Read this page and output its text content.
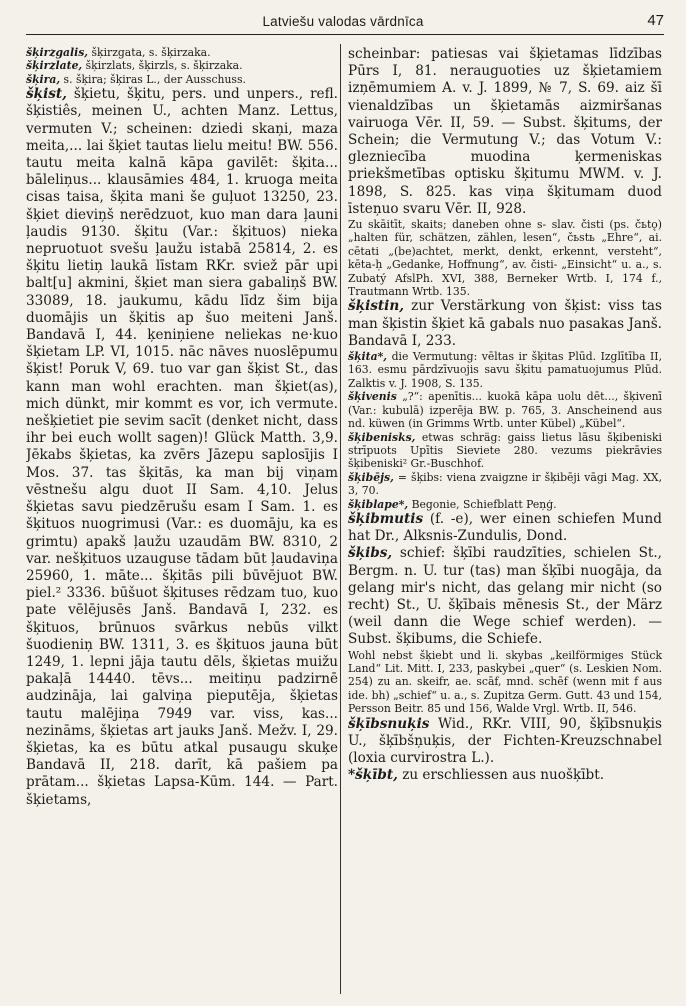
Latviešu valodas vārdnīca	47

šķirzgalis, šķirzgata, s. šķirzaka.

šķirzlate, šķirzlats, šķirzls, s. šķirzaka.

šķira, s. šķira; šķiras L., der Ausschuss.

šķist, šķietu, šķitu, pers. und unpers., refl. šķistiês, meinen U., achten Manz. Lettus, vermuten V.; scheinen: dziedi skaņi, maza meita,... lai šķiet tautas lielu meitu! BW. 556. tautu meita kalnā kāpa gavilēt: šķita... bāleliņus... klausāmies 484, 1. kruoga meita cisas taisa, šķita mani še guļuot 13250, 23. šķiet dieviņš nerēdzuot, kuo man dara ļauni ļaudis 9130. šķitu (Var.: šķituos) nieka nepruotuot svešu ļaužu istabā 25814, 2. es šķitu lietiņ laukā līstam RKr. sviež pār upi balt[u] akmini, šķiet man siera gabaliņš BW. 33089, 18. jaukumu, kādu līdz šim bija duomājis un šķitis ap šuo meiteni Janš. Bandavā I, 44. ķeniņiene neliekas ne·kuo šķietam LP. VI, 1015. nāc nāves nuoslēpumu šķist! Poruk V, 69. tuo var gan šķist St., das kann man wohl erachten. man šķiet(as), mich dünkt, mir kommt es vor, ich vermute. nešķietiet pie sevim sacīt (denket nicht, dass ihr bei euch wollt sagen)! Glück Matth. 3,9. Jēkabs šķietas, ka zvērs Jāzepu saplosījis I Mos. 37. tas šķitās, ka man bij viņam vēstnešu algu duot II Sam. 4,10. Jelus šķietas savu piedzērušu esam I Sam. 1. es šķituos nuogrimusi (Var.: es duomāju, ka es grimtu) apakš ļaužu uzaudām BW. 8310, 2 var. nešķituos uzauguse tādam būt ļaudaviņa 25960, 1. māte... šķitās pili būvējuot BW. piel.² 3336. būšuot šķituses rēdzam tuo, kuo pate vēlējusēs Janš. Bandavā I, 232. es šķituos, brūnuos svārkus nebūs vilkt šuodieniņ BW. 1311, 3. es šķituos jauna būt 1249, 1. lepni jāja tautu dēls, šķietas muižu pakaļā 14440. tēvs... meitiņu padzirnē audzināja, lai galviņa pieputēja, šķietas tautu malējiņa 7949 var. viss, kas... nezināms, šķietas art jauks Janš. Mežv. I, 29. šķietas, ka es būtu atkal pusaugu skuķe Bandavā II, 218. darīt, kā pašiem pa prātam... šķietas Lapsa-Kūm. 144. — Part. šķietams,

scheinbar: patiesas vai šķietamas līdzības Pūrs I, 81. nerauguoties uz šķietamiem izņēmumiem A. v. J. 1899, № 7, S. 69. aiz šī vienaldzības un šķietamās aizmiršanas vairuoga Vēr. II, 59. — Subst. šķitums, der Schein; die Vermutung V.; das Votum V.: glezniecība muodina ķermeniskas priekšmetības optisku šķitumu MWM. v. J. 1898, S. 825. kas viņa šķitumam duod īsteņuo svaru Vēr. II, 928.

Zu skāitīt, skaits; daneben ohne s- slav. čisti (ps. čьtǫ) „halten für, schätzen, zählen, lesen“, čьstь „Ehre“, ai. cētati „(be)achtet, merkt, denkt, erkennt, versteht“, kēta-ḥ „Gedanke, Hoffnung“, av. čisti- „Einsicht“ u. a., s. Zubatý AfslPh. XVI, 388, Berneker Wrtb. I, 174 f., Trautmann Wrtb. 135.

šķistin, zur Verstärkung von šķist: viss tas man šķistin šķiet kā gabals nuo pasakas Janš. Bandavā I, 233.

šķita*, die Vermutung: vēltas ir šķitas Plūd. Izglītība II, 163. esmu pārdzīvuojis savu šķitu pamatuojumus Plūd. Zalktis v. J. 1908, S. 135.

šķivenis „?“: apenītis... kuokā kāpa uolu dēt..., šķivenī (Var.: kubulā) izperēja BW. p. 765, 3. Anscheinend aus nd. küwen (in Grimms Wrtb. unter Kübel) „Kübel“.

šķibenisks, etwas schräg: gaiss lietus lāsu šķibeniski strīpuots Upītis Sieviete 280. vezums piekrāvies šķibeniski² Gr.-Buschhof.

šķibējs, = šķibs: viena zvaigzne ir šķibēji vāgi Mag. XX, 3, 70.

šķiblape*, Begonie, Schiefblatt Peņģ.

šķibmutis (f. -e), wer einen schiefen Mund hat Dr., Alksnis-Zundulis, Dond.

šķibs, schief: šķībi raudzīties, schielen St., Bergm. n. U. tur (tas) man šķībi nuogāja, da gelang mir's nicht, das gelang mir nicht (so recht) St., U. šķībais mēnesis St., der März (weil dann die Wege schief werden). — Subst. šķibums, die Schiefe.

Wohl nebst šķiebt und li. skybas „keilförmiges Stück Land“ Lit. Mitt. I, 233, paskybei „quer“ (s. Leskien Nom. 254) zu an. skeifr, ae. scāf, mnd. schēf (wenn mit f aus ide. bh) „schief“ u. a., s. Zupitza Germ. Gutt. 43 und 154, Persson Beitr. 85 und 156, Walde Vrgl. Wrtb. II, 546.

šķībsnuķis Wid., RKr. VIII, 90, šķībsnuķis U., šķībšņuķis, der Fichten-Kreuzschnabel (loxia curvirostra L.).

*šķībt, zu erschliessen aus nuošķībt.
